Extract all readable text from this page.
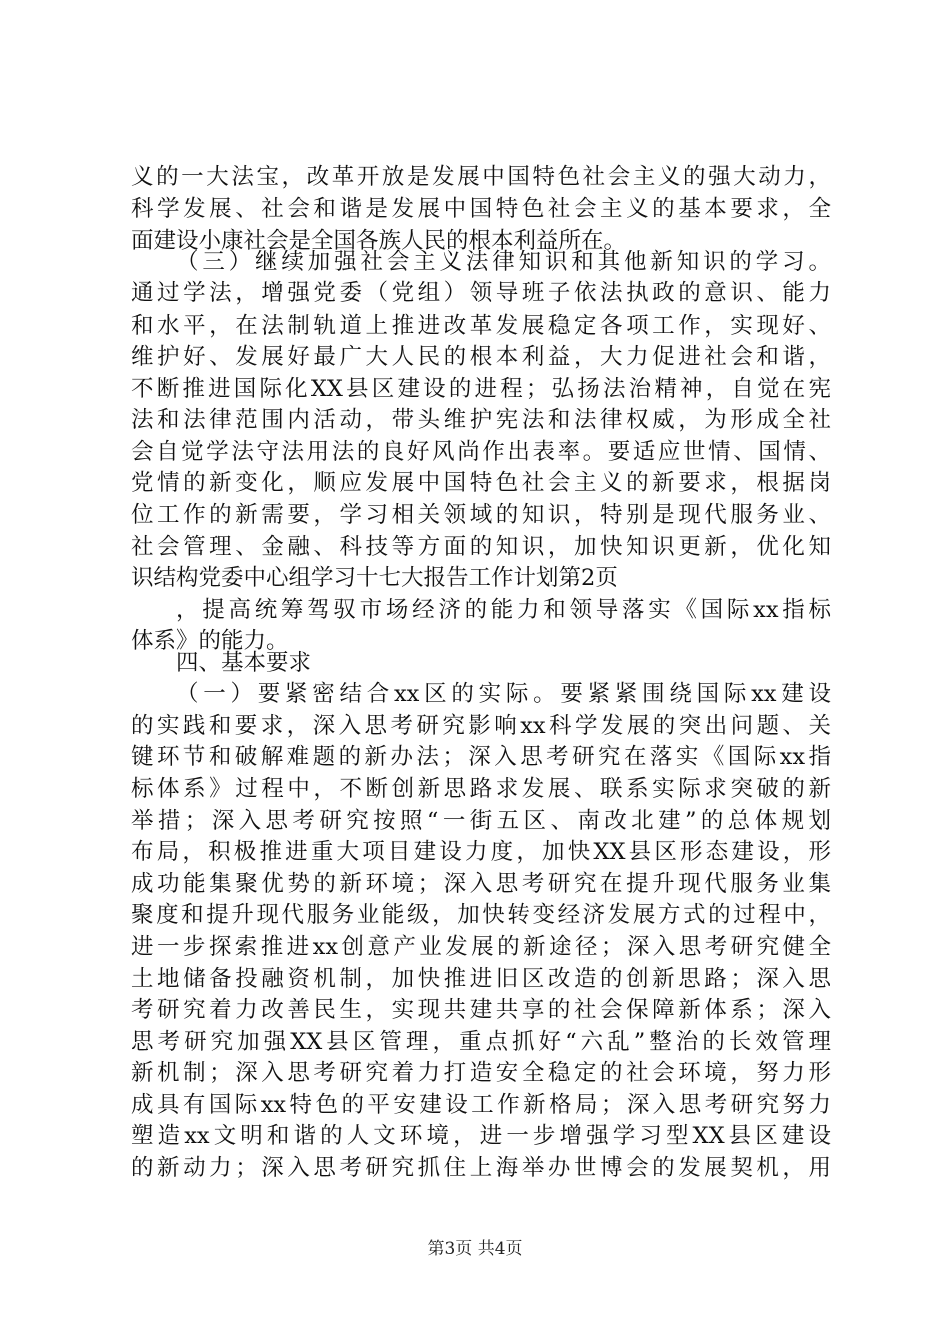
义的一大法宝，改革开放是发展中国特色社会主义的强大动力，
科学发展、社会和谐是发展中国特色社会主义的基本要求，全
面建设小康社会是全国各族人民的根本利益所在。
（三）继续加强社会主义法律知识和其他新知识的学习。
通过学法，增强党委（党组）领导班子依法执政的意识、能力
和水平，在法制轨道上推进改革发展稳定各项工作，实现好、
维护好、发展好最广大人民的根本利益，大力促进社会和谐，
不断推进国际化XX县区建设的进程；弘扬法治精神，自觉在宪
法和法律范围内活动，带头维护宪法和法律权威，为形成全社
会自觉学法守法用法的良好风尚作出表率。要适应世情、国情、
党情的新变化，顺应发展中国特色社会主义的新要求，根据岗
位工作的新需要，学习相关领域的知识，特别是现代服务业、
社会管理、金融、科技等方面的知识，加快知识更新，优化知
识结构党委中心组学习十七大报告工作计划第2页
，提高统筹驾驭市场经济的能力和领导落实《国际xx指标
体系》的能力。
四、基本要求
（一）要紧密结合xx区的实际。要紧紧围绕国际xx建设
的实践和要求，深入思考研究影响xx科学发展的突出问题、关
键环节和破解难题的新办法；深入思考研究在落实《国际xx指
标体系》过程中，不断创新思路求发展、联系实际求突破的新
举措；深入思考研究按照“一街五区、南改北建”的总体规划
布局，积极推进重大项目建设力度，加快XX县区形态建设，形
成功能集聚优势的新环境；深入思考研究在提升现代服务业集
聚度和提升现代服务业能级，加快转变经济发展方式的过程中，
进一步探索推进xx创意产业发展的新途径；深入思考研究健全
土地储备投融资机制，加快推进旧区改造的创新思路；深入思
考研究着力改善民生，实现共建共享的社会保障新体系；深入
思考研究加强XX县区管理，重点抓好“六乱”整治的长效管理
新机制；深入思考研究着力打造安全稳定的社会环境，努力形
成具有国际xx特色的平安建设工作新格局；深入思考研究努力
塑造xx文明和谐的人文环境，进一步增强学习型XX县区建设
的新动力；深入思考研究抓住上海举办世博会的发展契机，用
第3页 共4页
